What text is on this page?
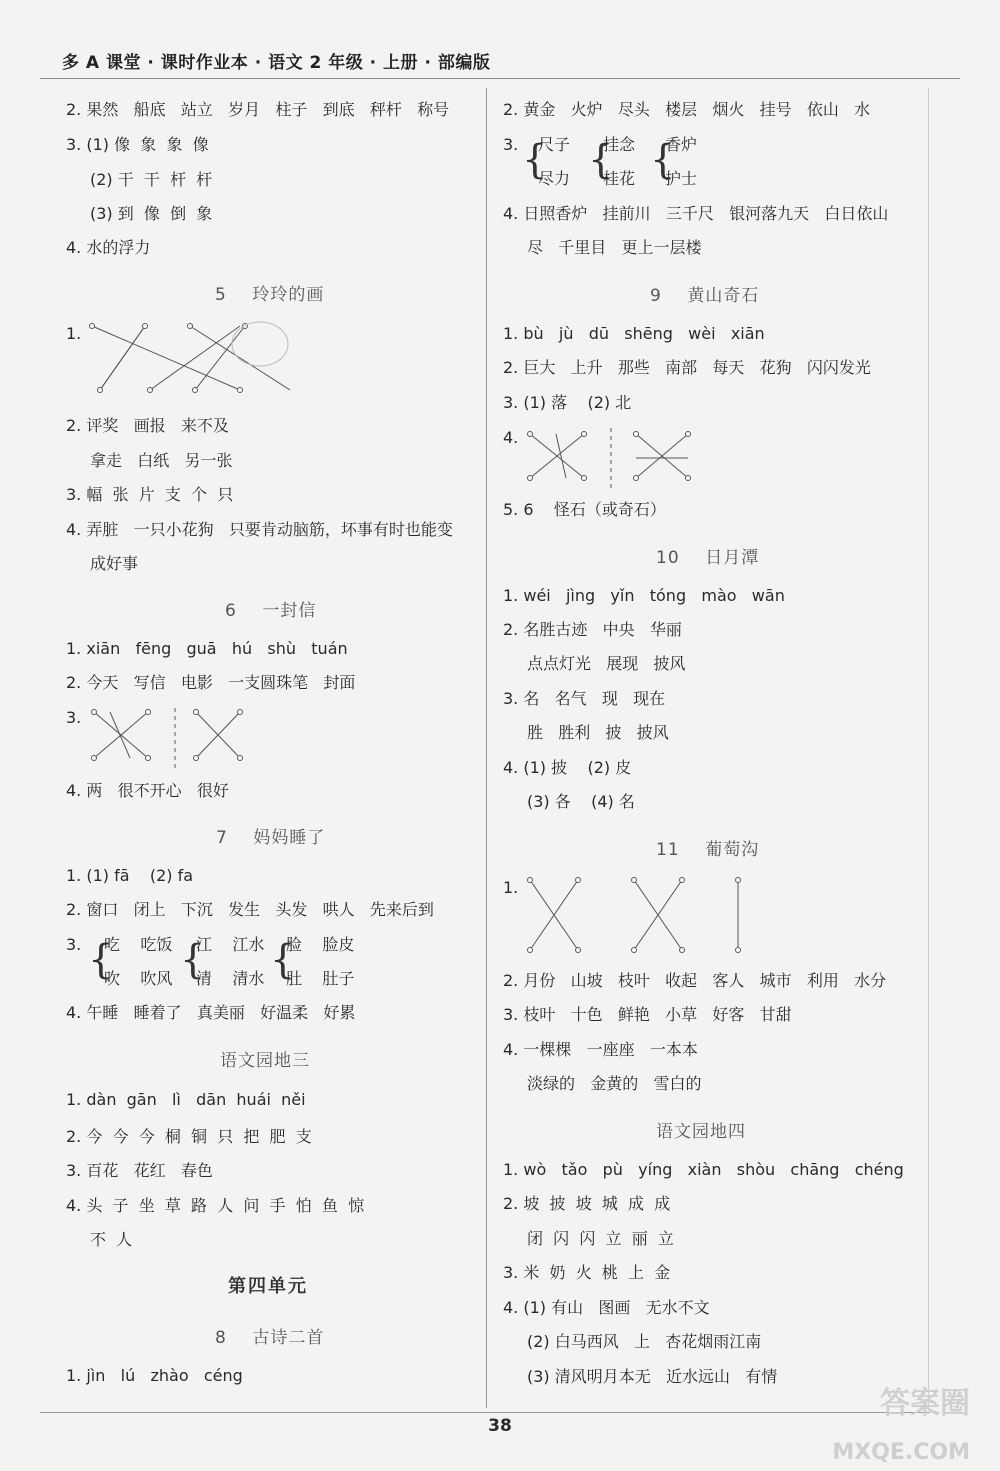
多 A 课堂 · 课时作业本 · 语文 2 年级 · 上册 · 部编版
2. 果然   船底   站立   岁月   柱子   到底   秤杆   称号
3. (1) 像  象  象  像
(2) 干  干  杆  杆
(3) 到  像  倒  象
4. 水的浮力
5    玲玲的画
1.
2. 评奖   画报   来不及
拿走   白纸   另一张
3. 幅  张  片  支  个  只
4. 弄脏   一只小花狗   只要肯动脑筋，坏事有时也能变
成好事
6    一封信
1. xiān   fēng   guā   hú   shù   tuán
2. 今天   写信   电影   一支圆珠笔   封面
3.
4. 两   很不开心   很好
7    妈妈睡了
1. (1) fā    (2) fa
2. 窗口   闭上   下沉   发生   头发   哄人   先来后到
3. {
吃    吃饭
吹    吹风 {
江    江水
清    清水 {
脸    脸皮
肚    肚子
4. 午睡   睡着了   真美丽   好温柔   好累
语文园地三
1. dàn  gān   lì   dān  huái  něi
2. 今  今  今  桐  铜  只  把  肥  支
3. 百花   花红   春色
4. 头  子  坐  草  路  人  问  手  怕  鱼  惊
不  人
第四单元
8    古诗二首
1. jìn   lú   zhào   céng
2. 黄金   火炉   尽头   楼层   烟火   挂号   依山   水
3. {
尺子
尽力 {
挂念
桂花 {
香炉
护士
4. 日照香炉   挂前川   三千尺   银河落九天   白日依山
尽   千里目   更上一层楼
9    黄山奇石
1. bù   jù   dū   shēng   wèi   xiān
2. 巨大   上升   那些   南部   每天   花狗   闪闪发光
3. (1) 落    (2) 北
4.
5. 6    怪石（或奇石）
10    日月潭
1. wéi   jìng   yǐn   tóng   mào   wān
2. 名胜古迹   中央   华丽
点点灯光   展现   披风
3. 名   名气   现   现在
胜   胜利   披   披风
4. (1) 披    (2) 皮
(3) 各    (4) 名
11    葡萄沟
1.
2. 月份   山坡   枝叶   收起   客人   城市   利用   水分
3. 枝叶   十色   鲜艳   小草   好客   甘甜
4. 一棵棵   一座座   一本本
淡绿的   金黄的   雪白的
语文园地四
1. wò   tǎo   pù   yíng   xiàn   shòu   chāng   chéng
2. 坡  披  坡  城  成  成
闭  闪  闪  立  丽  立
3. 米  奶  火  桃  上  金
4. (1) 有山   图画   无水不文
(2) 白马西风   上   杏花烟雨江南
(3) 清风明月本无   近水远山   有情
38
答案圈
MXQE.COM
